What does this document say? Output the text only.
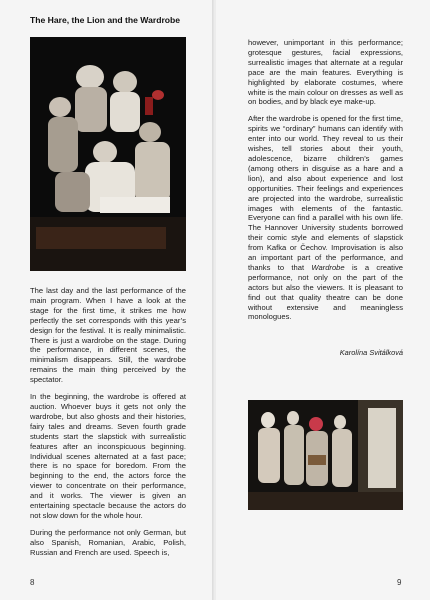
The Hare, the Lion and the Wardrobe

The last day and the last performance of the main program. When I have a look at the stage for the first time, it strikes me how perfectly the set corresponds with this year’s design for the festival. It is really minimalistic. There is just a wardrobe on the stage. During the performance, in different scenes, the minimalism disappears. Still, the wardrobe remains the main thing perceived by the spectator.

In the beginning, the wardrobe is offered at auction. Whoever buys it gets not only the wardrobe, but also ghosts and their histories, fairy tales and dreams. Seven fourth grade students start the slapstick with surrealistic features after an inconspicuous beginning. Individual scenes alternated at a fast pace; there is no space for boredom. From the beginning to the end, the actors force the viewer to concentrate on their performance, and it works. The viewer is given an entertaining spectacle because the actors do not slow down for the whole hour.

During the performance not only German, but also Spanish, Romanian, Arabic, Polish, Russian and French are used. Speech is,

8

however, unimportant in this performance; grotesque gestures, facial expressions, surrealistic images that alternate at a regular pace are the main features. Everything is highlighted by elaborate costumes, where white is the main colour on dresses as well as on bodies, and by black eye make-up.

After the wardrobe is opened for the first time, spirits we “ordinary” humans can identify with enter into our world. They reveal to us their wishes, tell stories about their youth, adolescence, bizarre children’s games (among others in disguise as a hare and a lion), and also about experience and lost opportunities. Their feelings and experiences are projected into the wardrobe, surrealistic images with elements of the fantastic. Everyone can find a parallel with his own life. The Hannover University students borrowed their comic style and elements of slapstick from Kafka or Čechov. Improvisation is also an important part of the performance, and thanks to that Wardrobe is a creative performance, not only on the part of the actors but also the viewers. It is pleasant to find out that quality theatre can be done without extensive and meaningless monologues.

Karolína Svitálková
9
